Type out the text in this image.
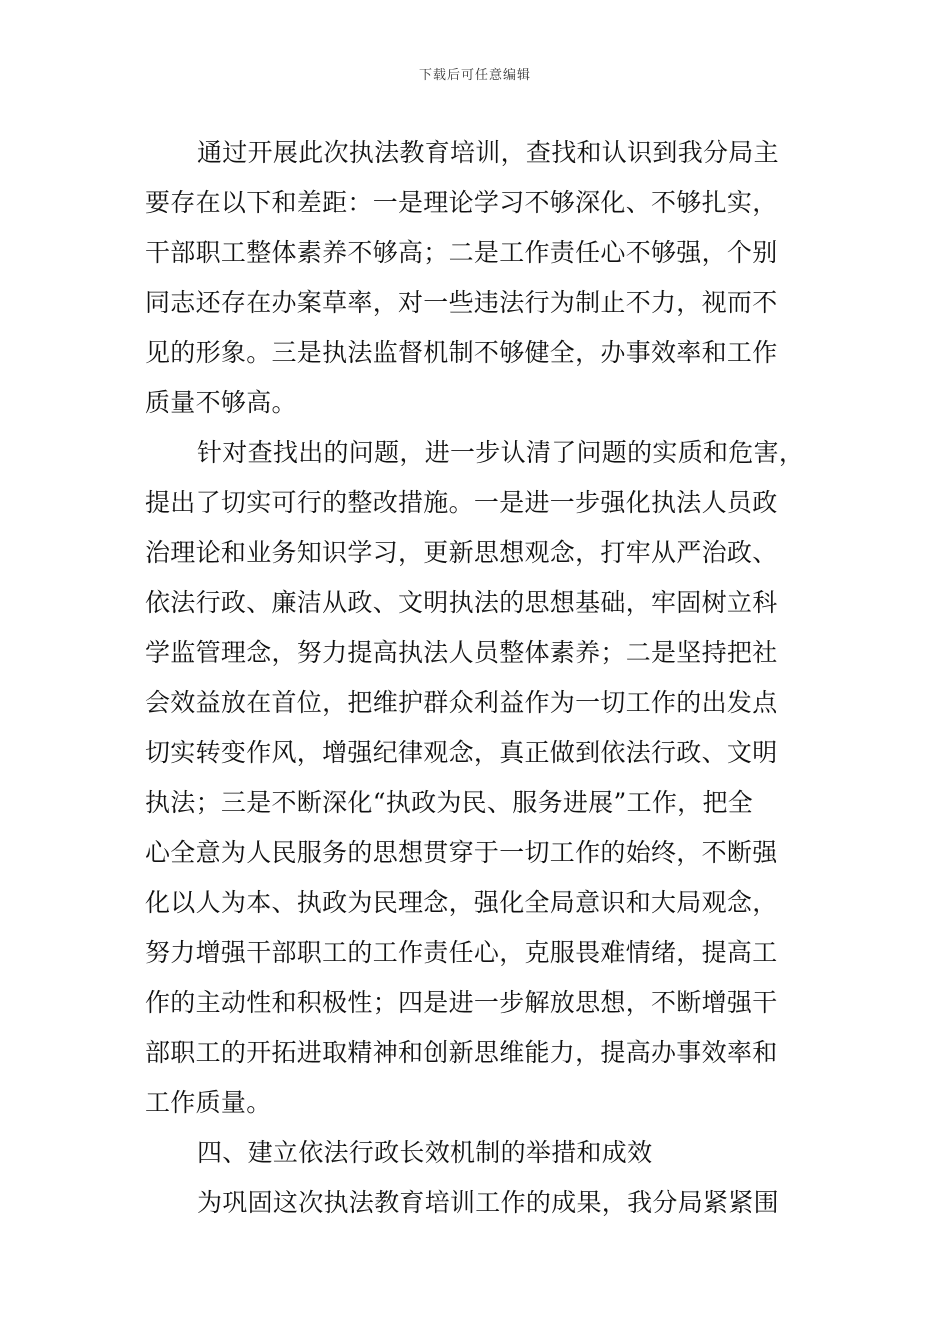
下载后可任意编辑
通过开展此次执法教育培训，查找和认识到我分局主
要存在以下和差距：一是理论学习不够深化、不够扎实，
干部职工整体素养不够高；二是工作责任心不够强，个别
同志还存在办案草率，对一些违法行为制止不力，视而不
见的形象。三是执法监督机制不够健全，办事效率和工作
质量不够高。
针对查找出的问题，进一步认清了问题的实质和危害，
提出了切实可行的整改措施。一是进一步强化执法人员政
治理论和业务知识学习，更新思想观念，打牢从严治政、
依法行政、廉洁从政、文明执法的思想基础，牢固树立科
学监管理念，努力提高执法人员整体素养；二是坚持把社
会效益放在首位，把维护群众利益作为一切工作的出发点
切实转变作风，增强纪律观念，真正做到依法行政、文明
执法；三是不断深化“执政为民、服务进展”工作，把全
心全意为人民服务的思想贯穿于一切工作的始终，不断强
化以人为本、执政为民理念，强化全局意识和大局观念，
努力增强干部职工的工作责任心，克服畏难情绪，提高工
作的主动性和积极性；四是进一步解放思想，不断增强干
部职工的开拓进取精神和创新思维能力，提高办事效率和
工作质量。
四、建立依法行政长效机制的举措和成效
为巩固这次执法教育培训工作的成果，我分局紧紧围
